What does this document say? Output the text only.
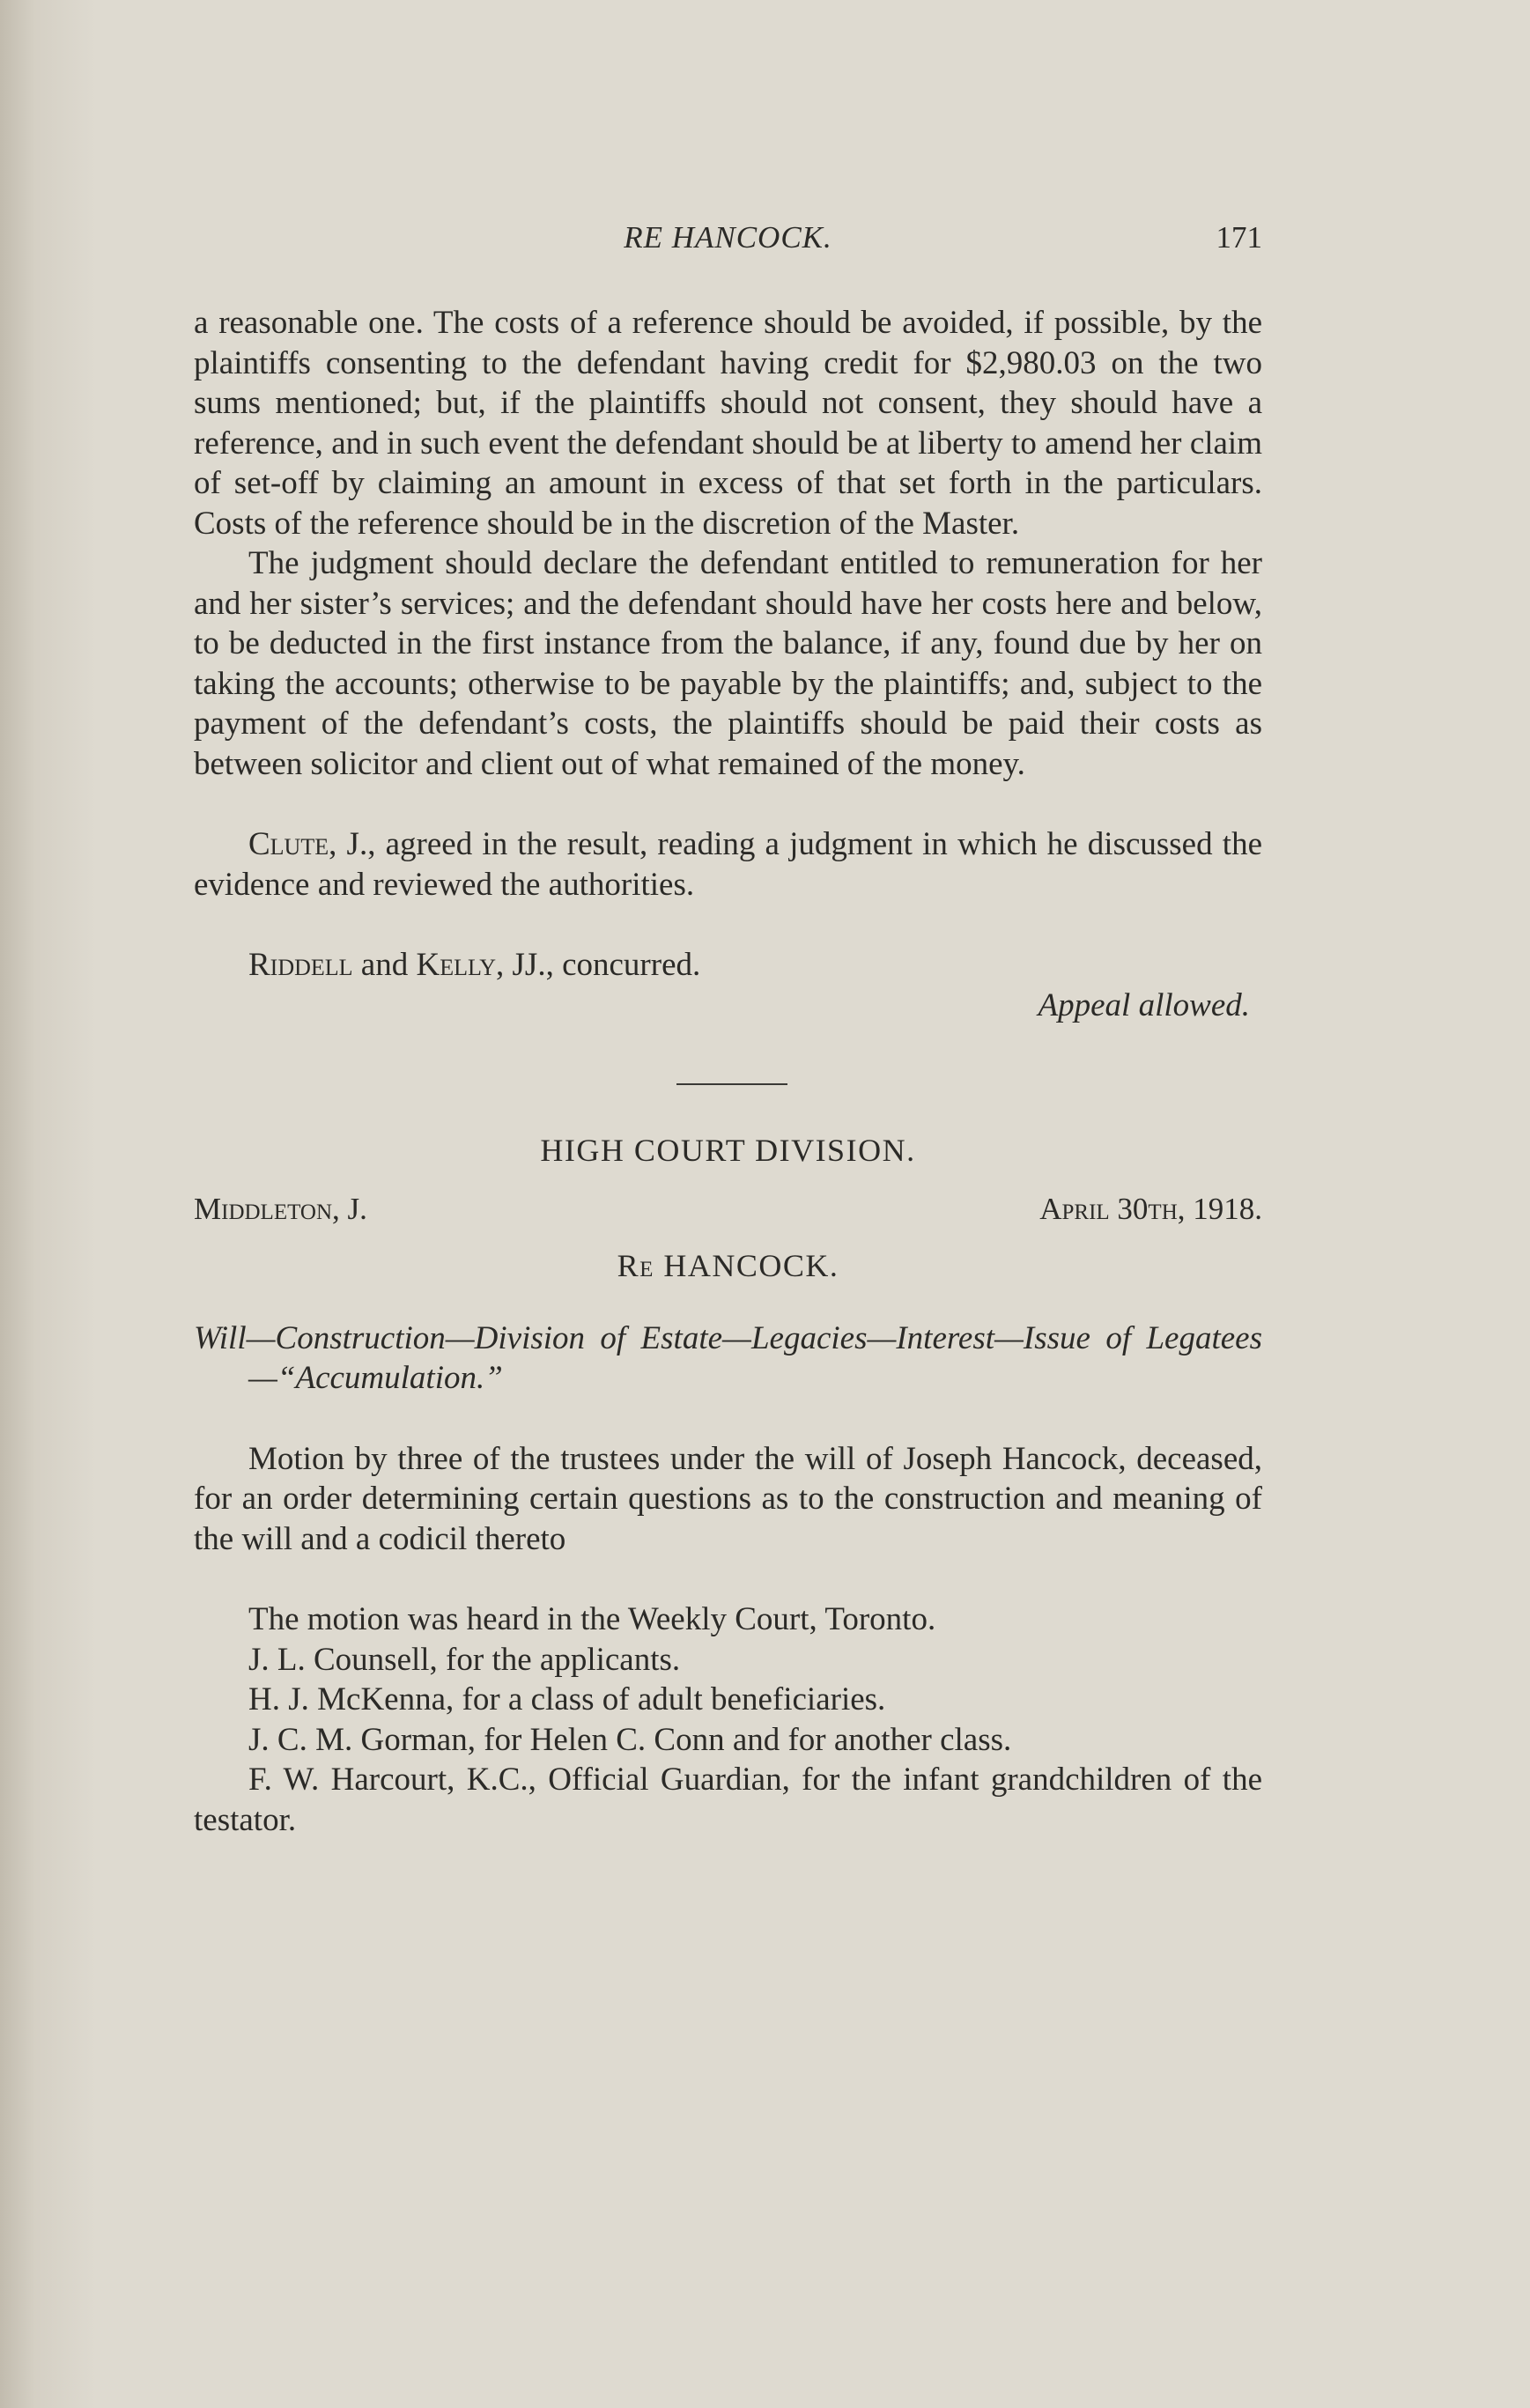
RE HANCOCK.	171

a reasonable one. The costs of a reference should be avoided, if possible, by the plaintiffs consenting to the defendant having credit for $2,980.03 on the two sums mentioned; but, if the plaintiffs should not consent, they should have a reference, and in such event the defendant should be at liberty to amend her claim of set-off by claiming an amount in excess of that set forth in the particulars. Costs of the reference should be in the discretion of the Master.

The judgment should declare the defendant entitled to remuneration for her and her sister’s services; and the defendant should have her costs here and below, to be deducted in the first instance from the balance, if any, found due by her on taking the accounts; otherwise to be payable by the plaintiffs; and, subject to the payment of the defendant’s costs, the plaintiffs should be paid their costs as between solicitor and client out of what remained of the money.

Clute, J., agreed in the result, reading a judgment in which he discussed the evidence and reviewed the authorities.

Riddell and Kelly, JJ., concurred.

Appeal allowed.

HIGH COURT DIVISION.

Middleton, J.	April 30th, 1918.

Re HANCOCK.

Will—Construction—Division of Estate—Legacies—Interest—Issue of Legatees—“Accumulation.”

Motion by three of the trustees under the will of Joseph Hancock, deceased, for an order determining certain questions as to the construction and meaning of the will and a codicil thereto

The motion was heard in the Weekly Court, Toronto.

J. L. Counsell, for the applicants.

H. J. McKenna, for a class of adult beneficiaries.

J. C. M. Gorman, for Helen C. Conn and for another class.

F. W. Harcourt, K.C., Official Guardian, for the infant grandchildren of the testator.
